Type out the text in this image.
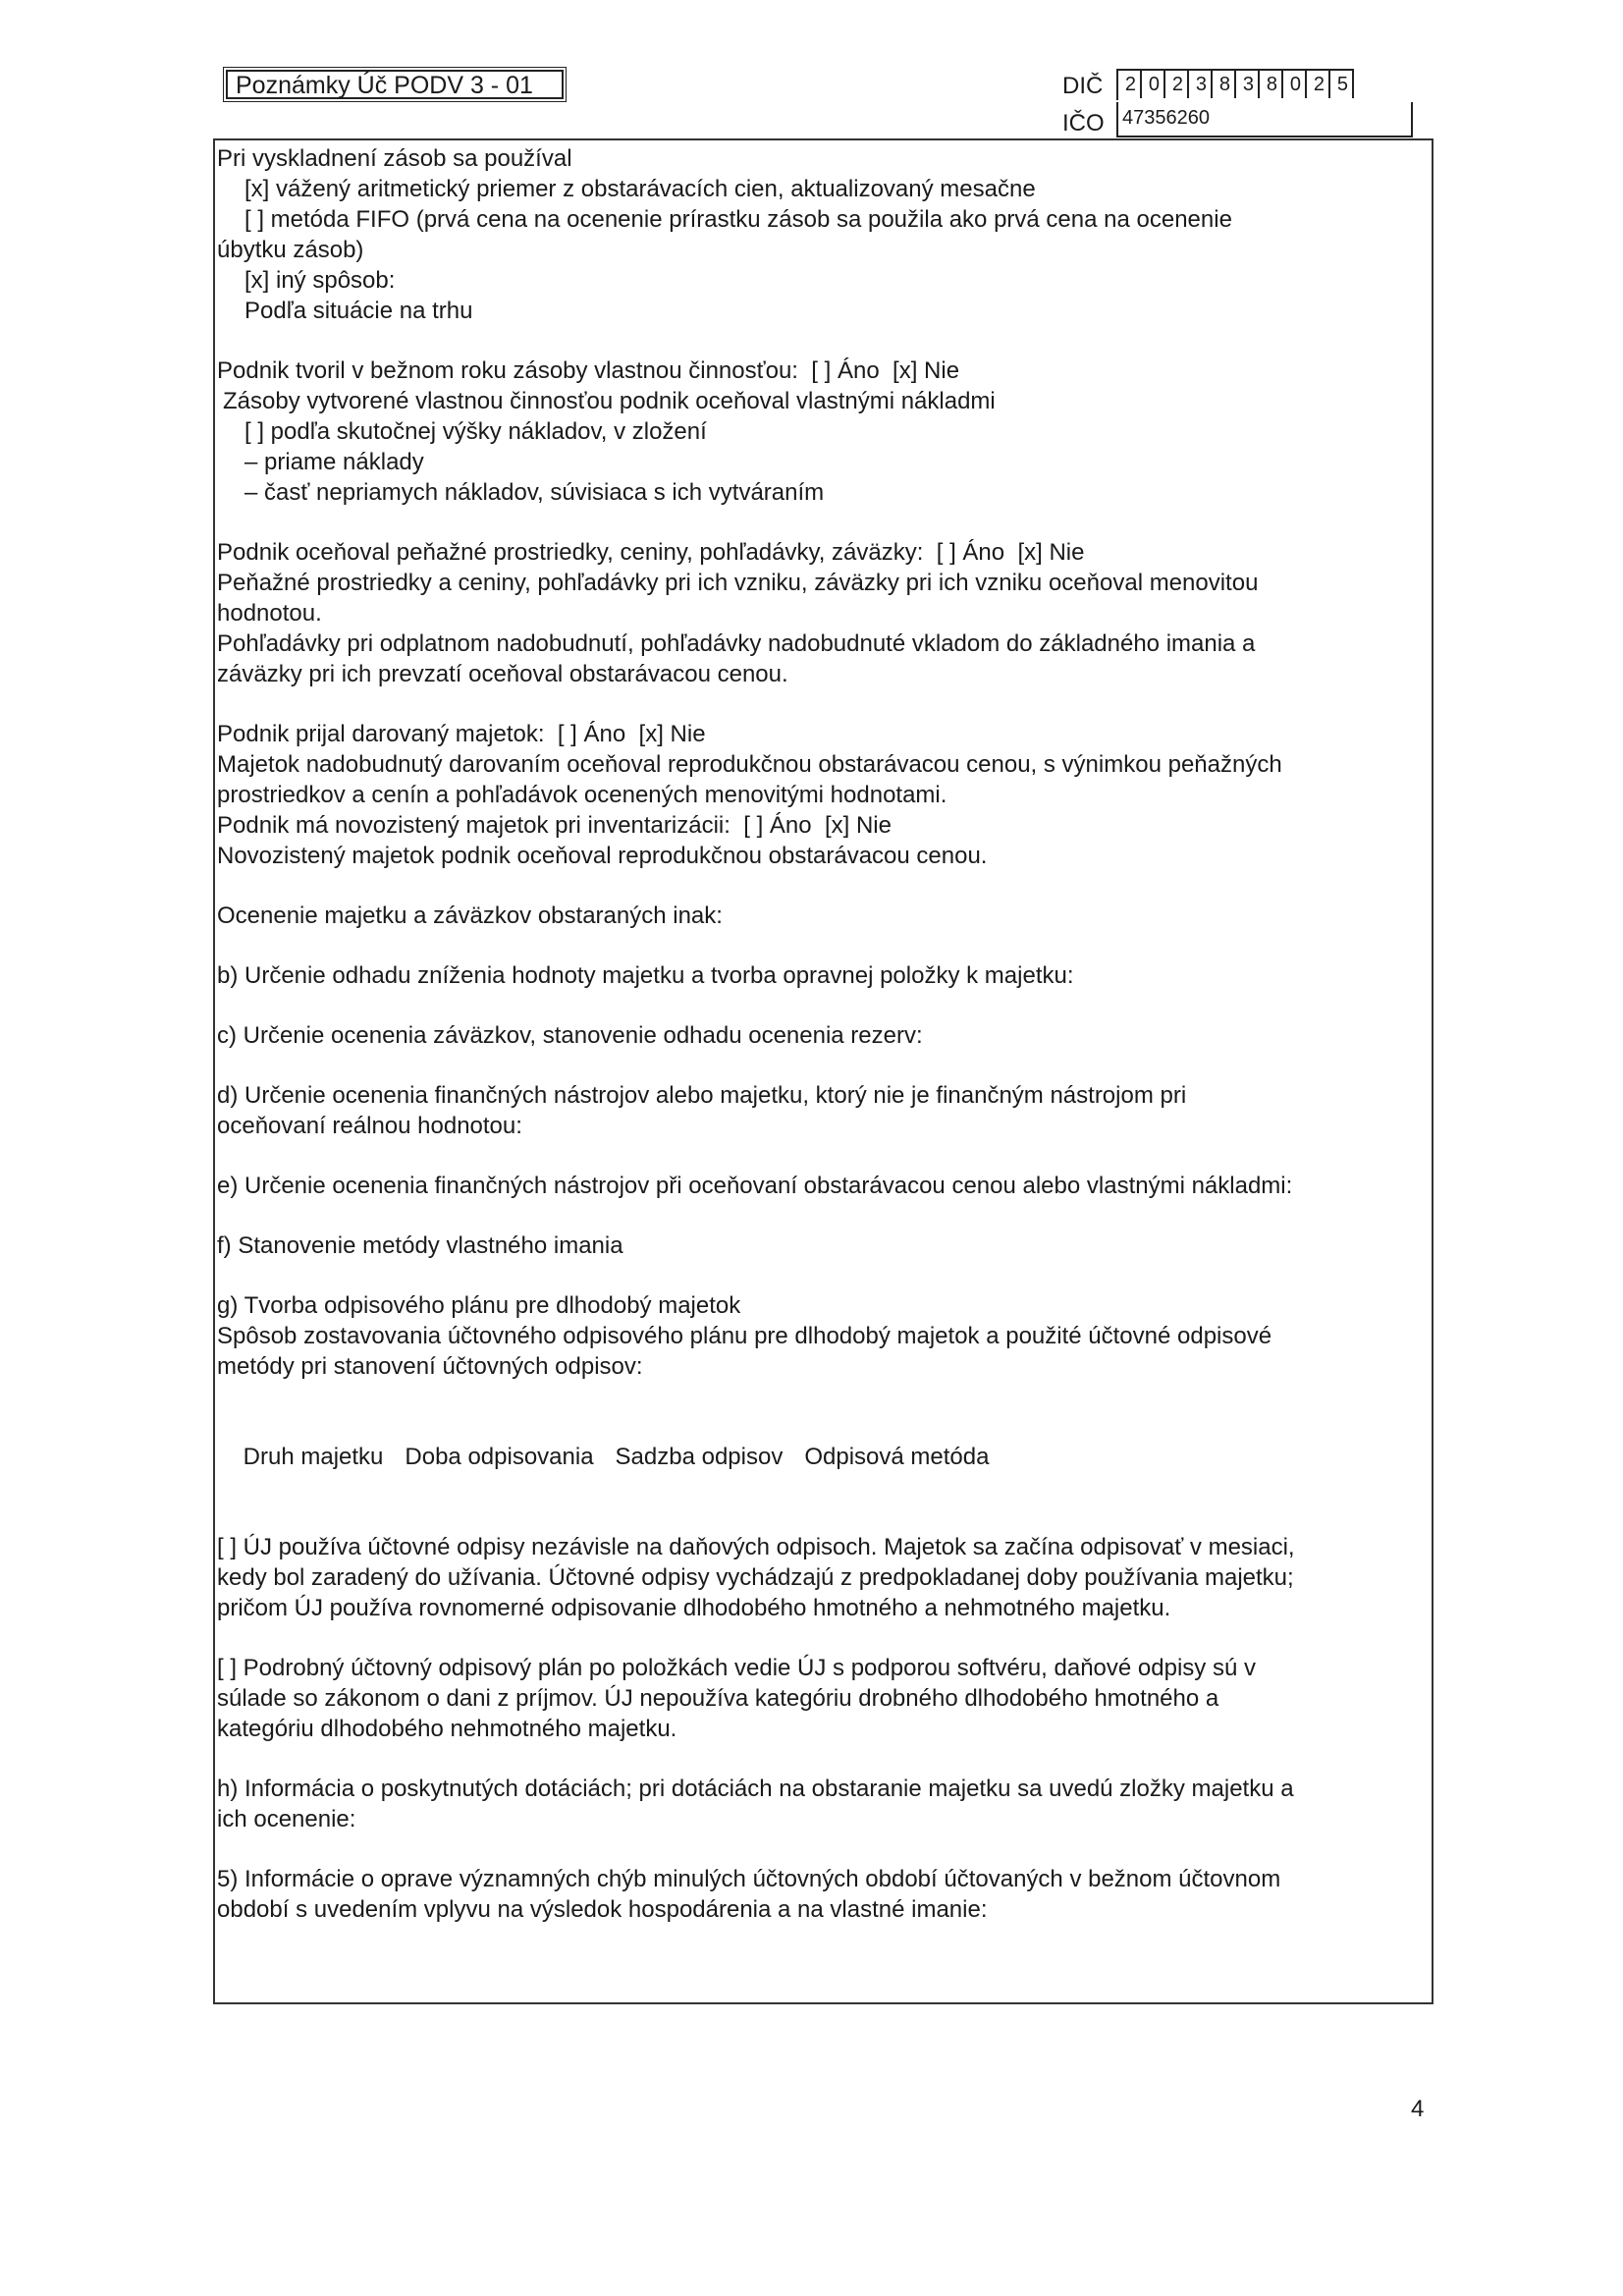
Poznámky Úč PODV 3 - 01	DIČ	2 0 2 3 8 3 8 0 2 5
IČO 47356260

Pri vyskladnení zásob sa používal

[x] vážený aritmetický priemer z obstarávacích cien, aktualizovaný mesačne

[ ] metóda FIFO (prvá cena na ocenenie prírastku zásob sa použila ako prvá cena na ocenenie

úbytku zásob)

[x] iný spôsob:

Podľa situácie na trhu

Podnik tvoril v bežnom roku zásoby vlastnou činnosťou:  [ ] Áno  [x] Nie

Zásoby vytvorené vlastnou činnosťou podnik oceňoval vlastnými nákladmi

[ ] podľa skutočnej výšky nákladov, v zložení

– priame náklady

– časť nepriamych nákladov, súvisiaca s ich vytváraním

Podnik oceňoval peňažné prostriedky, ceniny, pohľadávky, záväzky:  [ ] Áno  [x] Nie

Peňažné prostriedky a ceniny, pohľadávky pri ich vzniku, záväzky pri ich vzniku oceňoval menovitou

hodnotou.

Pohľadávky pri odplatnom nadobudnutí, pohľadávky nadobudnuté vkladom do základného imania a

záväzky pri ich prevzatí oceňoval obstarávacou cenou.

Podnik prijal darovaný majetok:  [ ] Áno  [x] Nie

Majetok nadobudnutý darovaním oceňoval reprodukčnou obstarávacou cenou, s výnimkou peňažných

prostriedkov a cenín a pohľadávok ocenených menovitými hodnotami.

Podnik má novozistený majetok pri inventarizácii:  [ ] Áno  [x] Nie

Novozistený majetok podnik oceňoval reprodukčnou obstarávacou cenou.

Ocenenie majetku a záväzkov obstaraných inak:

b) Určenie odhadu zníženia hodnoty majetku a tvorba opravnej položky k majetku:

c) Určenie ocenenia záväzkov, stanovenie odhadu ocenenia rezerv:

d) Určenie ocenenia finančných nástrojov alebo majetku, ktorý nie je finančným nástrojom pri

oceňovaní reálnou hodnotou:

e) Určenie ocenenia finančných nástrojov při oceňovaní obstarávacou cenou alebo vlastnými nákladmi:

f) Stanovenie metódy vlastného imania

g) Tvorba odpisového plánu pre dlhodobý majetok

Spôsob zostavovania účtovného odpisového plánu pre dlhodobý majetok a použité účtovné odpisové

metódy pri stanovení účtovných odpisov:

Druh majetku Doba odpisovania Sadzba odpisov Odpisová metóda

[ ] ÚJ používa účtovné odpisy nezávisle na daňových odpisoch. Majetok sa začína odpisovať v mesiaci,

kedy bol zaradený do užívania. Účtovné odpisy vychádzajú z predpokladanej doby používania majetku;

pričom ÚJ používa rovnomerné odpisovanie dlhodobého hmotného a nehmotného majetku.

[ ] Podrobný účtovný odpisový plán po položkách vedie ÚJ s podporou softvéru, daňové odpisy sú v

súlade so zákonom o dani z príjmov. ÚJ nepoužíva kategóriu drobného dlhodobého hmotného a

kategóriu dlhodobého nehmotného majetku.

h) Informácia o poskytnutých dotáciách; pri dotáciách na obstaranie majetku sa uvedú zložky majetku a

ich ocenenie:

5) Informácie o oprave významných chýb minulých účtovných období účtovaných v bežnom účtovnom

období s uvedením vplyvu na výsledok hospodárenia a na vlastné imanie:

4
